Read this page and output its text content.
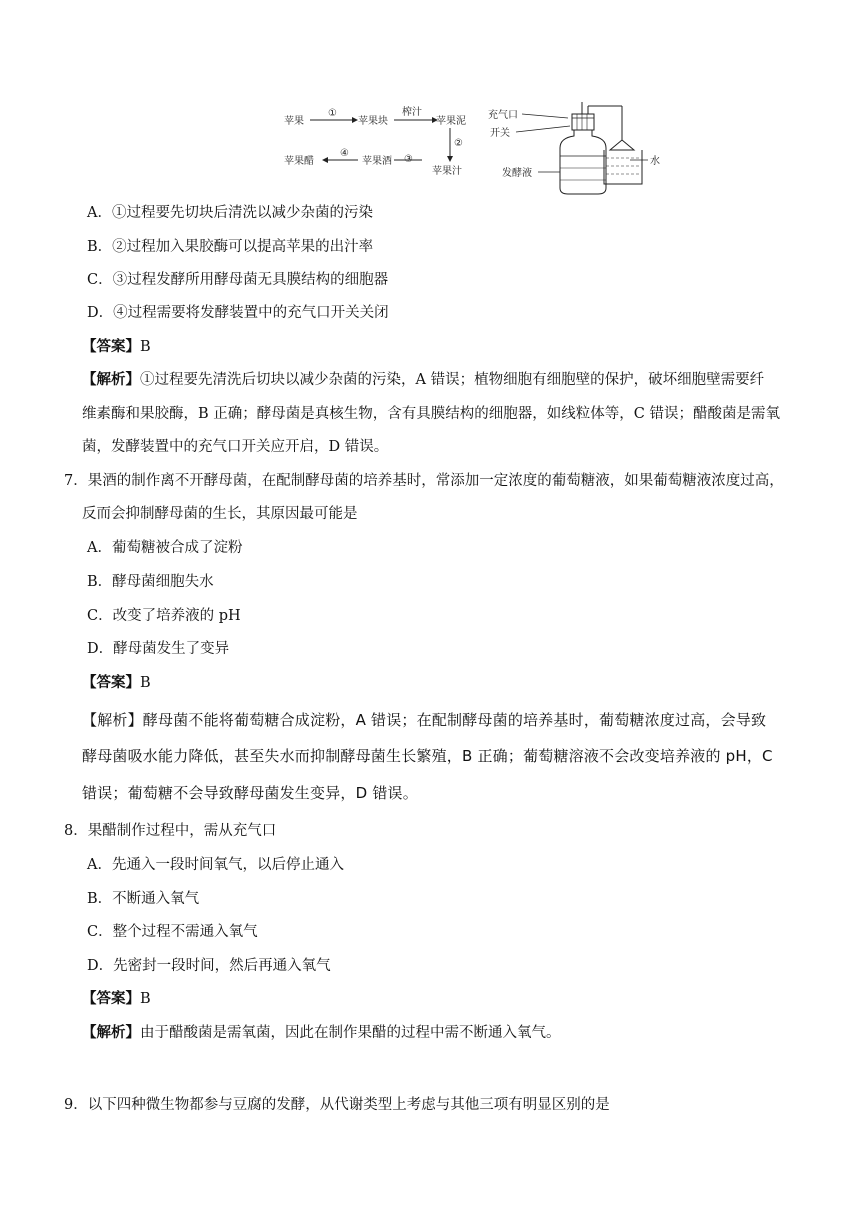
苹果
①
苹果块
榨汁
苹果泥
②
苹果汁
③
苹果酒
④
苹果醋
充气口
开关
发酵液
水
A．①过程要先切块后清洗以减少杂菌的污染
B．②过程加入果胶酶可以提高苹果的出汁率
C．③过程发酵所用酵母菌无具膜结构的细胞器
D．④过程需要将发酵装置中的充气口开关关闭
【答案】B
【解析】①过程要先清洗后切块以减少杂菌的污染，A 错误；植物细胞有细胞壁的保护，破坏细胞壁需要纤
维素酶和果胶酶，B 正确；酵母菌是真核生物，含有具膜结构的细胞器，如线粒体等，C 错误；醋酸菌是需氧
菌，发酵装置中的充气口开关应开启，D 错误。
7．果酒的制作离不开酵母菌，在配制酵母菌的培养基时，常添加一定浓度的葡萄糖液，如果葡萄糖液浓度过高，
反而会抑制酵母菌的生长，其原因最可能是
A．葡萄糖被合成了淀粉
B．酵母菌细胞失水
C．改变了培养液的 pH
D．酵母菌发生了变异
【答案】B
【解析】酵母菌不能将葡萄糖合成淀粉，A 错误；在配制酵母菌的培养基时，葡萄糖浓度过高，会导致
酵母菌吸水能力降低，甚至失水而抑制酵母菌生长繁殖，B 正确；葡萄糖溶液不会改变培养液的 pH，C
错误；葡萄糖不会导致酵母菌发生变异，D 错误。
8．果醋制作过程中，需从充气口
A．先通入一段时间氧气，以后停止通入
B．不断通入氧气
C．整个过程不需通入氧气
D．先密封一段时间，然后再通入氧气
【答案】B
【解析】由于醋酸菌是需氧菌，因此在制作果醋的过程中需不断通入氧气。
9．以下四种微生物都参与豆腐的发酵，从代谢类型上考虑与其他三项有明显区别的是
